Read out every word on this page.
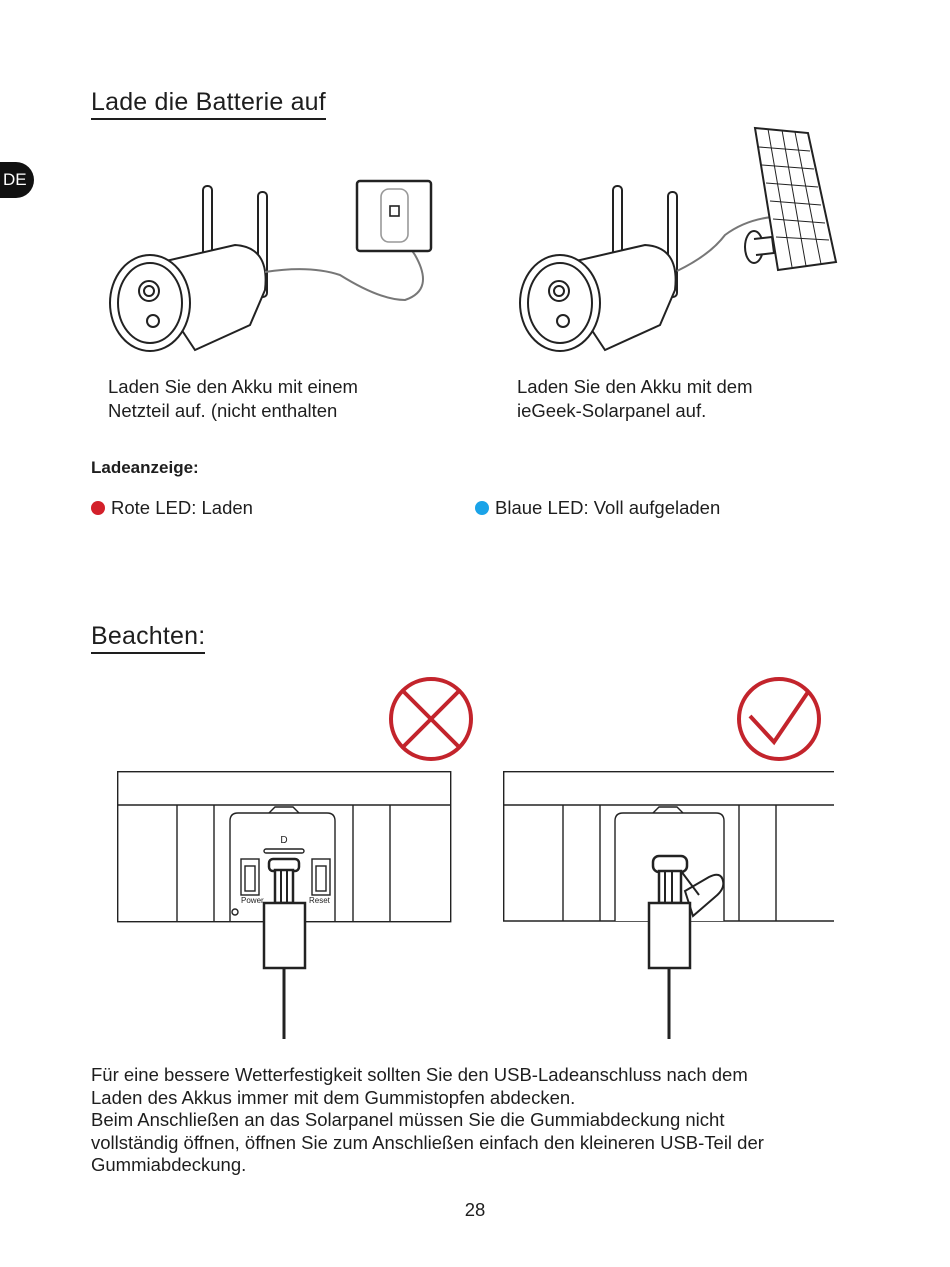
DE
Lade die Batterie auf
Laden Sie den Akku mit einem
Netzteil auf. (nicht enthalten
Laden Sie den Akku mit dem
ieGeek-Solarpanel auf.
Ladeanzeige:
Rote LED: Laden	Blaue LED: Voll aufgeladen
Beachten:
D
Power	Reset
Für eine bessere Wetterfestigkeit sollten Sie den USB-Ladeanschluss nach dem
Laden des Akkus immer mit dem Gummistopfen abdecken.
Beim Anschließen an das Solarpanel müssen Sie die Gummiabdeckung nicht
vollständig öffnen, öffnen Sie zum Anschließen einfach den kleineren USB-Teil der
Gummiabdeckung.
28
